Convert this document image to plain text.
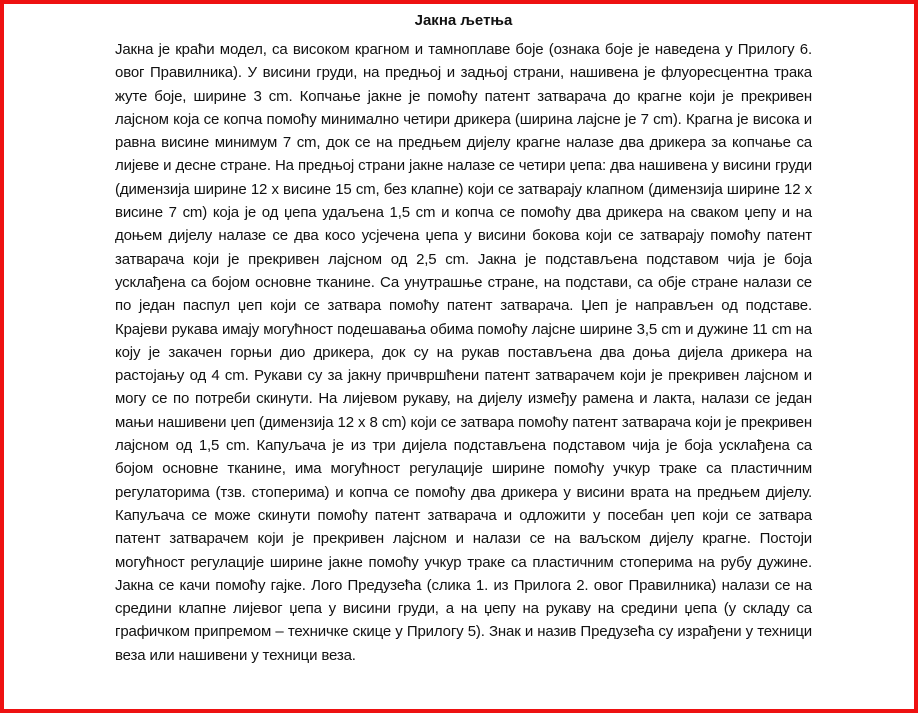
Јакна љетња

Јакна је краћи модел, са високом крагном и тамноплаве боје (ознака боје је наведена у Прилогу 6. овог Правилника). У висини груди, на предњој и задњој страни, нашивена је флуоресцентна трака жуте боје, ширине 3 cm. Копчање јакне је помоћу патент затварача до крагне који је прекривен лајсном која се копча помоћу минимално четири дрикера (ширина лајсне је 7 cm). Крагна је висока и равна висине минимум 7 cm, док се на предњем дијелу крагне налазе два дрикера за копчање са лијеве и десне стране. На предњој страни јакне налазе се четири џепа: два нашивена у висини груди (димензија ширине 12 x висине 15 cm, без клапне) који се затварају клапном (димензија ширине 12 x висине 7 cm) која је од џепа удаљена 1,5 cm и копча се помоћу два дрикера на сваком џепу и на доњем дијелу налазе се два косо усјечена џепа у висини бокова који се затварају помоћу патент затварача који је прекривен лајсном од 2,5 cm. Јакна је подстављена подставом чија је боја усклађена са бојом основне тканине. Са унутрашње стране, на подстави, са обје стране налази се по један паспул џеп који се затвара помоћу патент затварача. Џеп је направљен од подставе. Крајеви рукава имају могућност подешавања обима помоћу лајсне ширине 3,5 cm и дужине 11 cm на коју је закачен горњи дио дрикера, док су на рукав постављена два доња дијела дрикера на растојању од 4 cm. Рукави су за јакну причвршћени патент затварачем који је прекривен лајсном и могу се по потреби скинути. На лијевом рукаву, на дијелу између рамена и лакта, налази се један мањи нашивени џеп (димензија 12 x 8 cm) који се затвара помоћу патент затварача који је прекривен лајсном од 1,5 cm. Капуљача је из три дијела подстављена подставом чија је боја усклађена са бојом основне тканине, има могућност регулације ширине помоћу учкур траке са пластичним регулаторима (тзв. стоперима) и копча се помоћу два дрикера у висини врата на предњем дијелу. Капуљача се може скинути помоћу патент затварача и одложити у посебан џеп који се затвара патент затварачем који је прекривен лајсном и налази се на ваљском дијелу крагне. Постоји могућност регулације ширине јакне помоћу учкур траке са пластичним стоперима на рубу дужине. Јакна се качи помоћу гајке. Лого Предузећа (слика 1. из Прилога 2. овог Правилника) налази се на средини клапне лијевог џепа у висини груди, а на џепу на рукаву на средини џепа (у складу са графичком припремом – техничке скице у Прилогу 5). Знак и назив Предузећа су израђени у техници веза или нашивени у техници веза.
